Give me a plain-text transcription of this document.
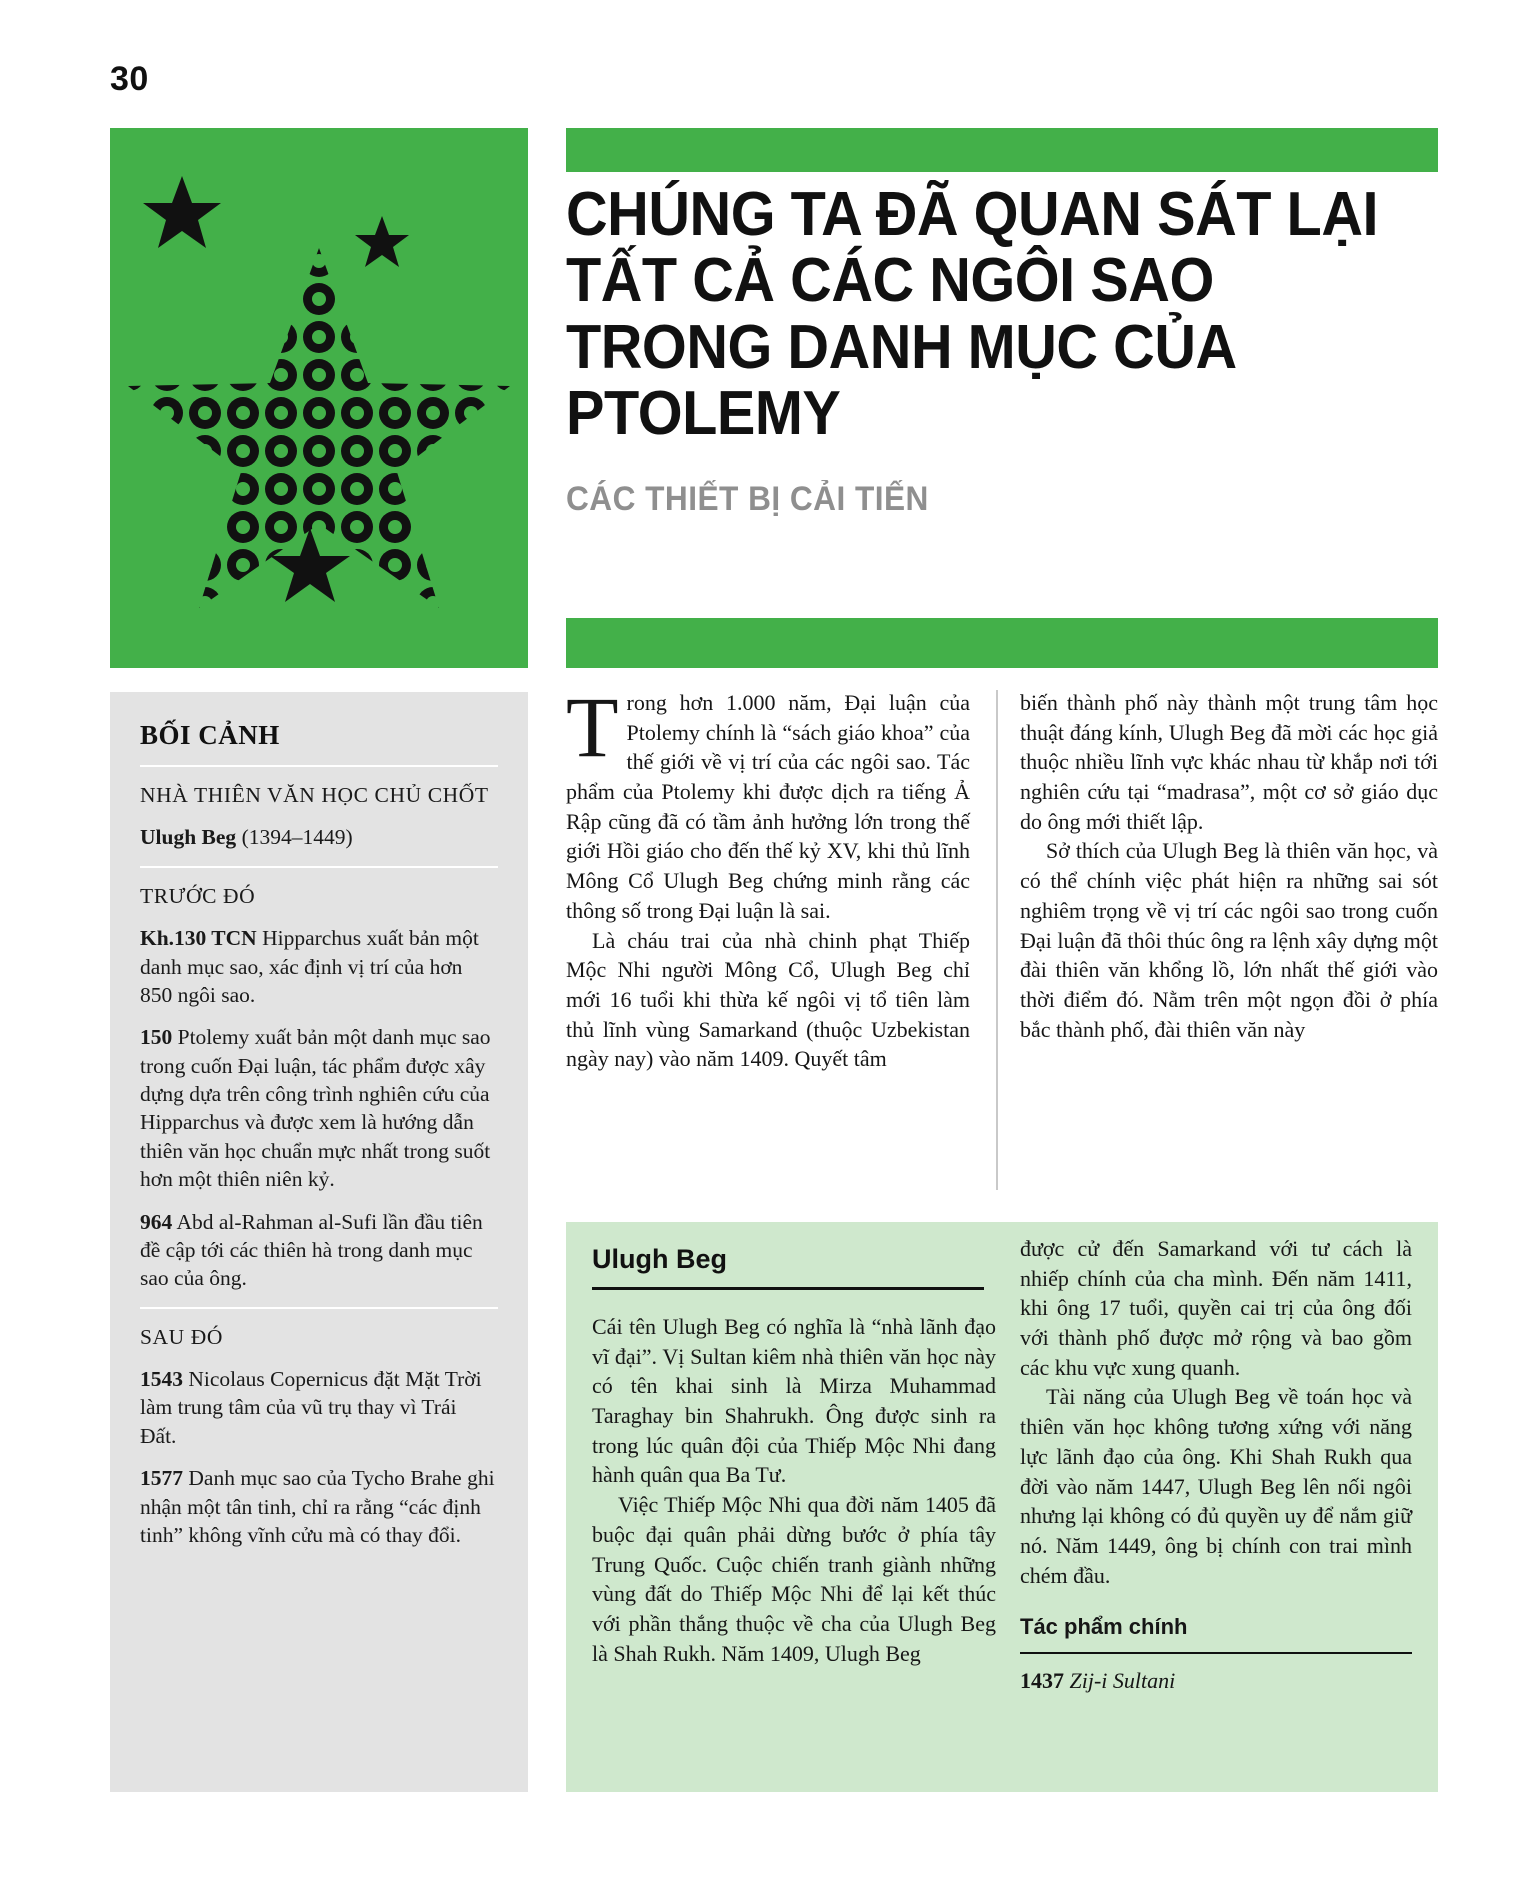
30
CHÚNG TA ĐÃ QUAN SÁT LẠI TẤT CẢ CÁC NGÔI SAO TRONG DANH MỤC CỦA PTOLEMY
CÁC THIẾT BỊ CẢI TIẾN
BỐI CẢNH

NHÀ THIÊN VĂN HỌC CHỦ CHỐT

Ulugh Beg (1394–1449)

TRƯỚC ĐÓ

Kh.130 TCN Hipparchus xuất bản một danh mục sao, xác định vị trí của hơn 850 ngôi sao.

150 Ptolemy xuất bản một danh mục sao trong cuốn Đại luận, tác phẩm được xây dựng dựa trên công trình nghiên cứu của Hipparchus và được xem là hướng dẫn thiên văn học chuẩn mực nhất trong suốt hơn một thiên niên kỷ.

964 Abd al-Rahman al-Sufi lần đầu tiên đề cập tới các thiên hà trong danh mục sao của ông.

SAU ĐÓ

1543 Nicolaus Copernicus đặt Mặt Trời làm trung tâm của vũ trụ thay vì Trái Đất.

1577 Danh mục sao của Tycho Brahe ghi nhận một tân tinh, chỉ ra rằng “các định tinh” không vĩnh cửu mà có thay đổi.

Trong hơn 1.000 năm, Đại luận của Ptolemy chính là “sách giáo khoa” của thế giới về vị trí của các ngôi sao. Tác phẩm của Ptolemy khi được dịch ra tiếng Ả Rập cũng đã có tầm ảnh hưởng lớn trong thế giới Hồi giáo cho đến thế kỷ XV, khi thủ lĩnh Mông Cổ Ulugh Beg chứng minh rằng các thông số trong Đại luận là sai.

Là cháu trai của nhà chinh phạt Thiếp Mộc Nhi người Mông Cổ, Ulugh Beg chỉ mới 16 tuổi khi thừa kế ngôi vị tổ tiên làm thủ lĩnh vùng Samarkand (thuộc Uzbekistan ngày nay) vào năm 1409. Quyết tâm

biến thành phố này thành một trung tâm học thuật đáng kính, Ulugh Beg đã mời các học giả thuộc nhiều lĩnh vực khác nhau từ khắp nơi tới nghiên cứu tại “madrasa”, một cơ sở giáo dục do ông mới thiết lập.

Sở thích của Ulugh Beg là thiên văn học, và có thể chính việc phát hiện ra những sai sót nghiêm trọng về vị trí các ngôi sao trong cuốn Đại luận đã thôi thúc ông ra lệnh xây dựng một đài thiên văn khổng lồ, lớn nhất thế giới vào thời điểm đó. Nằm trên một ngọn đồi ở phía bắc thành phố, đài thiên văn này

Ulugh Beg

Cái tên Ulugh Beg có nghĩa là “nhà lãnh đạo vĩ đại”. Vị Sultan kiêm nhà thiên văn học này có tên khai sinh là Mirza Muhammad Taraghay bin Shahrukh. Ông được sinh ra trong lúc quân đội của Thiếp Mộc Nhi đang hành quân qua Ba Tư.

Việc Thiếp Mộc Nhi qua đời năm 1405 đã buộc đại quân phải dừng bước ở phía tây Trung Quốc. Cuộc chiến tranh giành những vùng đất do Thiếp Mộc Nhi để lại kết thúc với phần thắng thuộc về cha của Ulugh Beg là Shah Rukh. Năm 1409, Ulugh Beg

được cử đến Samarkand với tư cách là nhiếp chính của cha mình. Đến năm 1411, khi ông 17 tuổi, quyền cai trị của ông đối với thành phố được mở rộng và bao gồm các khu vực xung quanh.

Tài năng của Ulugh Beg về toán học và thiên văn học không tương xứng với năng lực lãnh đạo của ông. Khi Shah Rukh qua đời vào năm 1447, Ulugh Beg lên nối ngôi nhưng lại không có đủ quyền uy để nắm giữ nó. Năm 1449, ông bị chính con trai mình chém đầu.

Tác phẩm chính
1437 Zij-i Sultani
